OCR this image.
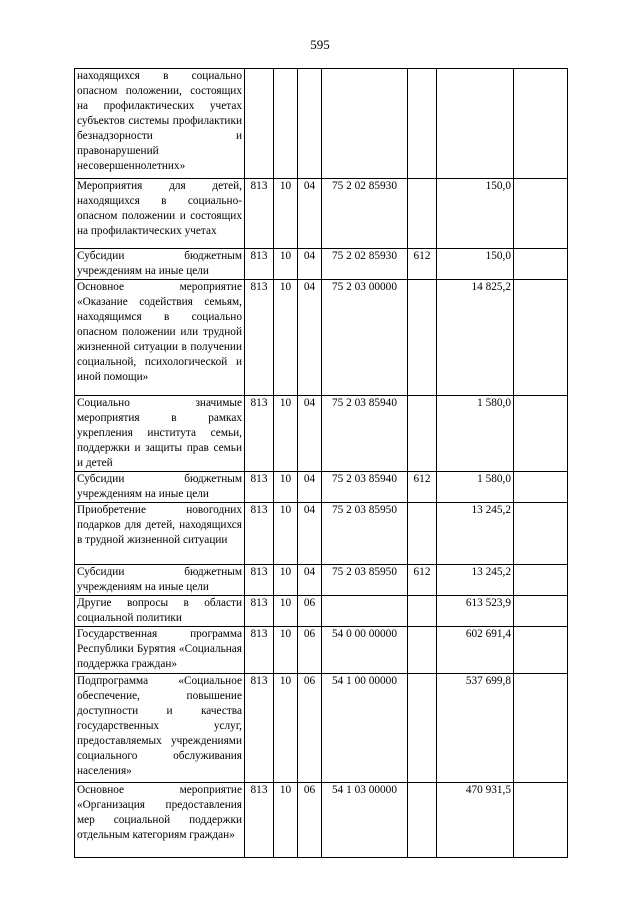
595
находящихся в социально опасном положении, состоящих на профилактических учетах субъектов системы профилактики безнадзорности и правонарушений несовершеннолетних»							
Мероприятия для детей, находящихся в социально-опасном положении и состоящих на профилактических учетах	813	10	04	75 2 02 85930		150,0	
Субсидии бюджетным учреждениям на иные цели	813	10	04	75 2 02 85930	612	150,0	
Основное мероприятие «Оказание содействия семьям, находящимся в социально опасном положении или трудной жизненной ситуации в получении социальной, психологической и иной помощи»	813	10	04	75 2 03 00000		14 825,2	
Социально значимые мероприятия в рамках укрепления института семьи, поддержки и защиты прав семьи и детей	813	10	04	75 2 03 85940		1 580,0	
Субсидии бюджетным учреждениям на иные цели	813	10	04	75 2 03 85940	612	1 580,0	
Приобретение новогодних подарков для детей, находящихся в трудной жизненной ситуации	813	10	04	75 2 03 85950		13 245,2	
Субсидии бюджетным учреждениям на иные цели	813	10	04	75 2 03 85950	612	13 245,2	
Другие вопросы в области социальной политики	813	10	06			613 523,9	
Государственная программа Республики Бурятия «Социальная поддержка граждан»	813	10	06	54 0 00 00000		602 691,4	
Подпрограмма «Социальное обеспечение, повышение доступности и качества государственных услуг, предоставляемых учреждениями социального обслуживания населения»	813	10	06	54 1 00 00000		537 699,8	
Основное мероприятие «Организация предоставления мер социальной поддержки отдельным категориям граждан»	813	10	06	54 1 03 00000		470 931,5	
